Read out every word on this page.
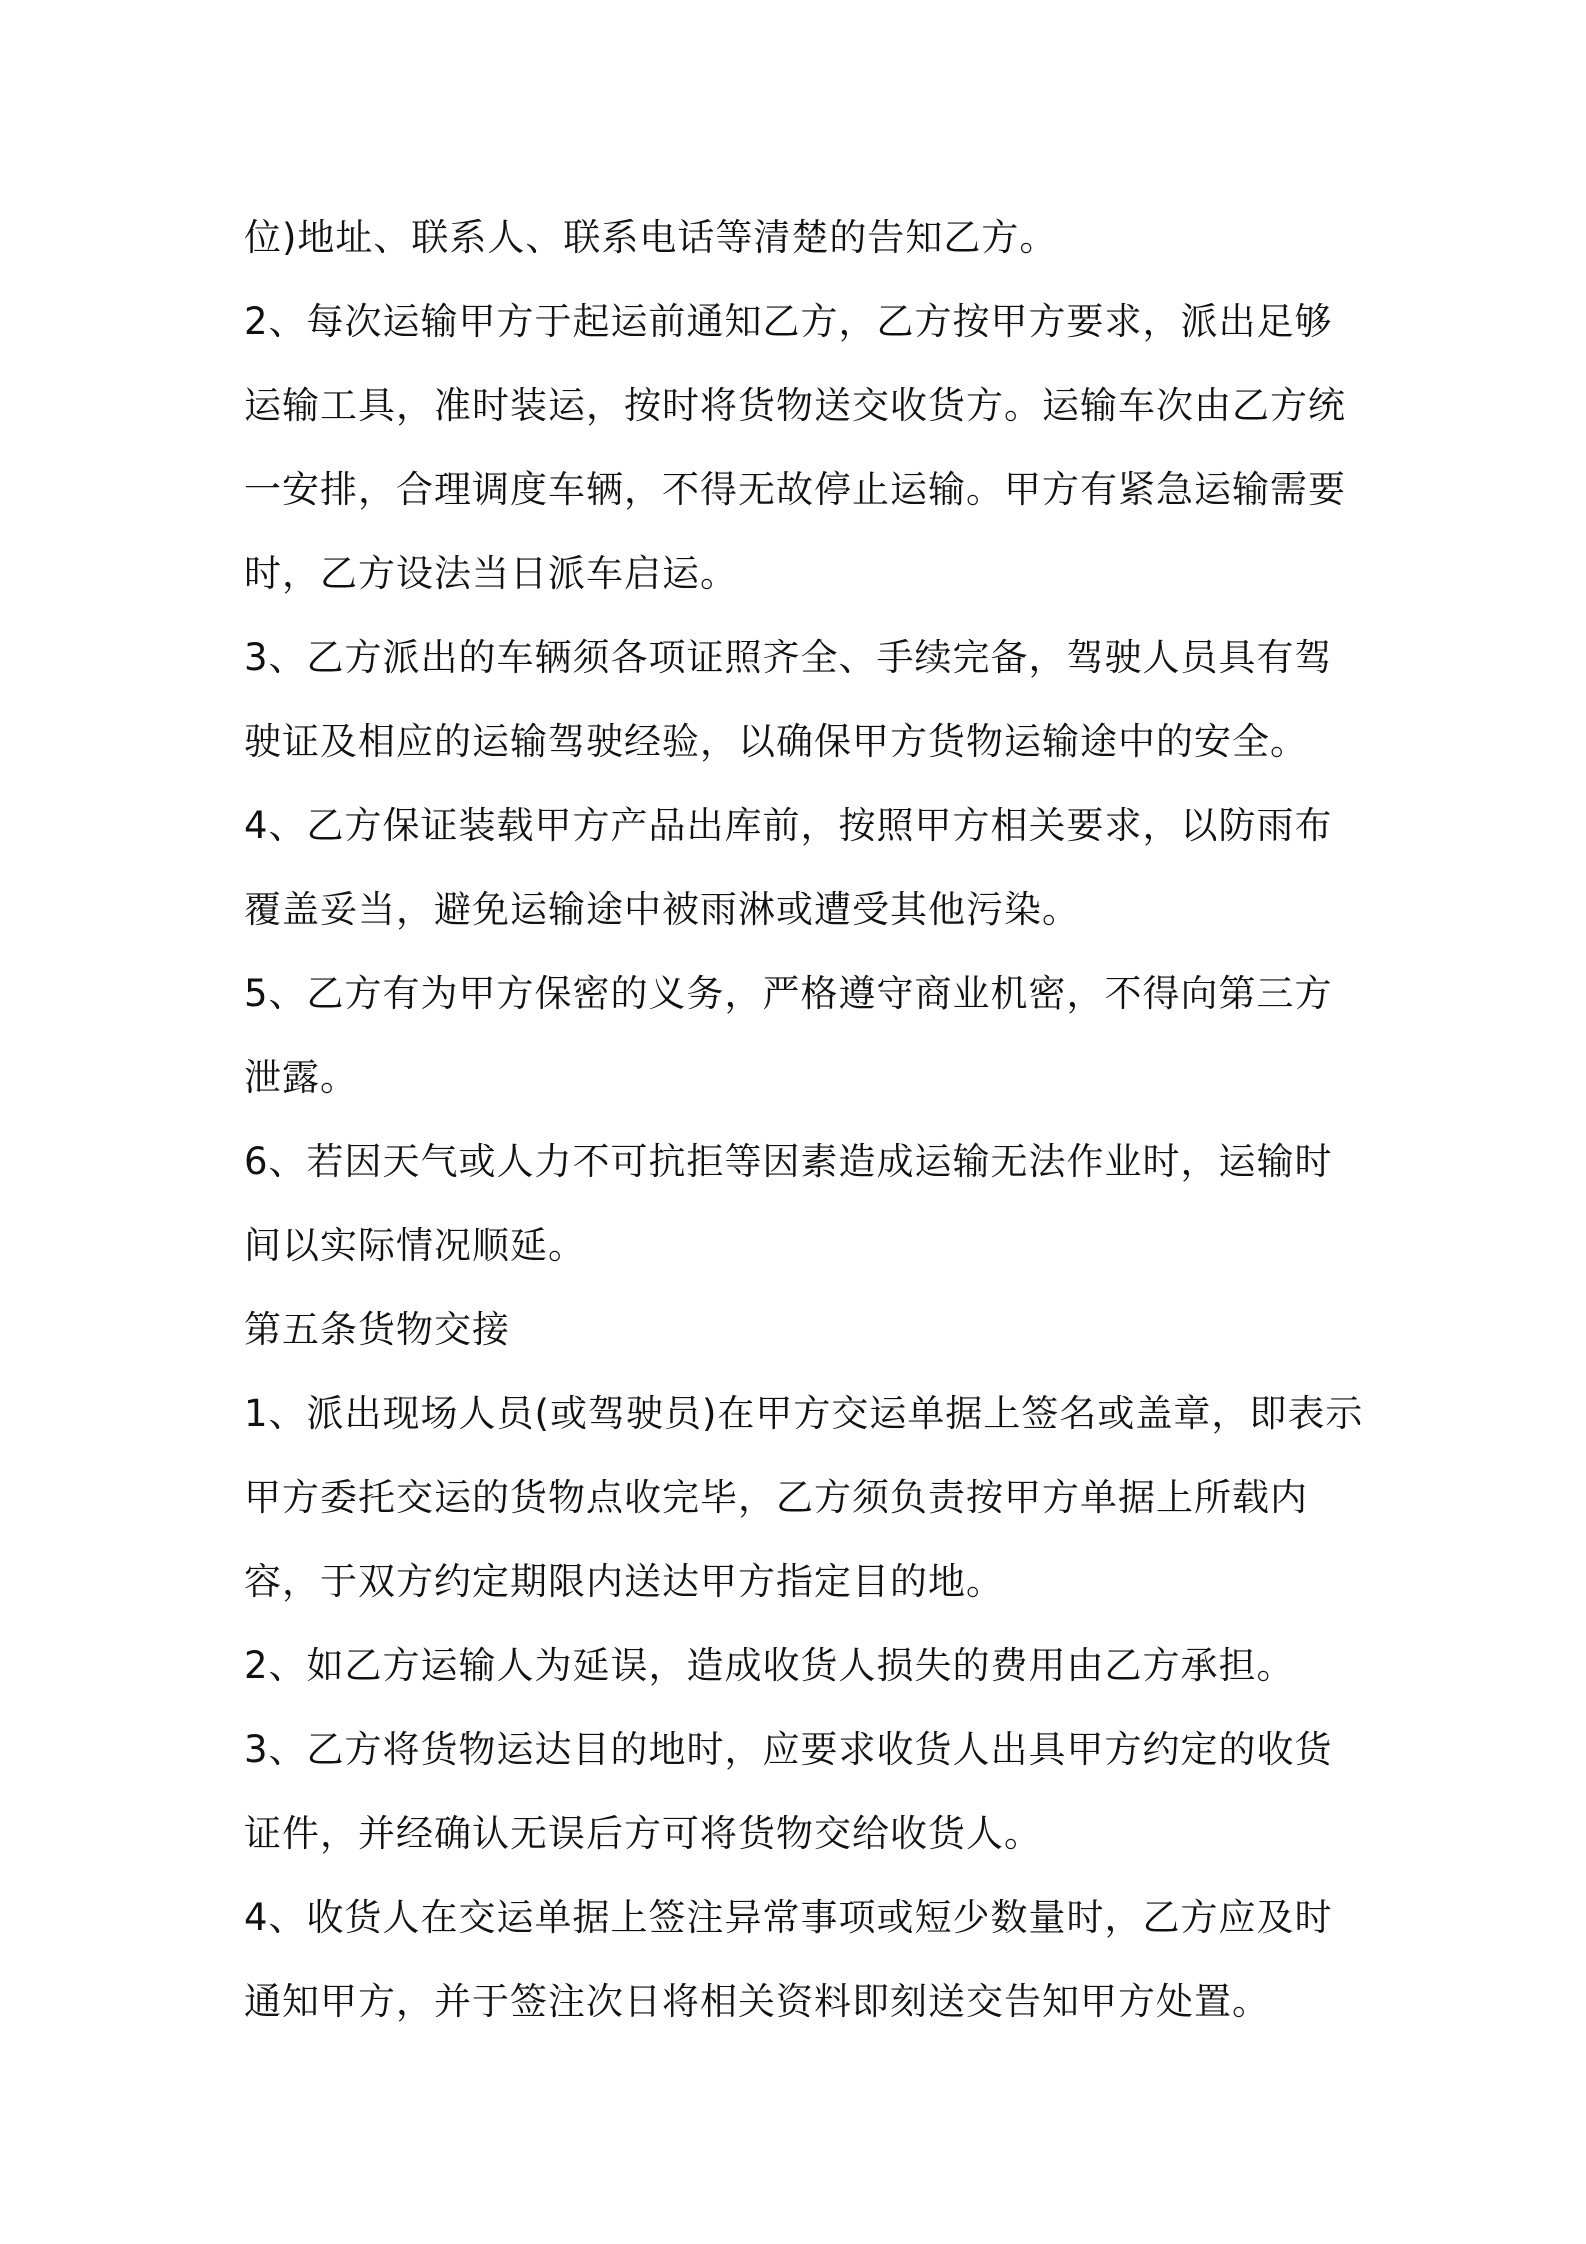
位)地址、联系人、联系电话等清楚的告知乙方。

2、每次运输甲方于起运前通知乙方，乙方按甲方要求，派出足够运输工具，准时装运，按时将货物送交收货方。运输车次由乙方统一安排，合理调度车辆，不得无故停止运输。甲方有紧急运输需要时，乙方设法当日派车启运。

3、乙方派出的车辆须各项证照齐全、手续完备，驾驶人员具有驾驶证及相应的运输驾驶经验，以确保甲方货物运输途中的安全。

4、乙方保证装载甲方产品出库前，按照甲方相关要求，以防雨布覆盖妥当，避免运输途中被雨淋或遭受其他污染。

5、乙方有为甲方保密的义务，严格遵守商业机密，不得向第三方泄露。

6、若因天气或人力不可抗拒等因素造成运输无法作业时，运输时间以实际情况顺延。

第五条货物交接

1、派出现场人员(或驾驶员)在甲方交运单据上签名或盖章，即表示甲方委托交运的货物点收完毕，乙方须负责按甲方单据上所载内容，于双方约定期限内送达甲方指定目的地。

2、如乙方运输人为延误，造成收货人损失的费用由乙方承担。

3、乙方将货物运达目的地时，应要求收货人出具甲方约定的收货证件，并经确认无误后方可将货物交给收货人。

4、收货人在交运单据上签注异常事项或短少数量时，乙方应及时通知甲方，并于签注次日将相关资料即刻送交告知甲方处置。
